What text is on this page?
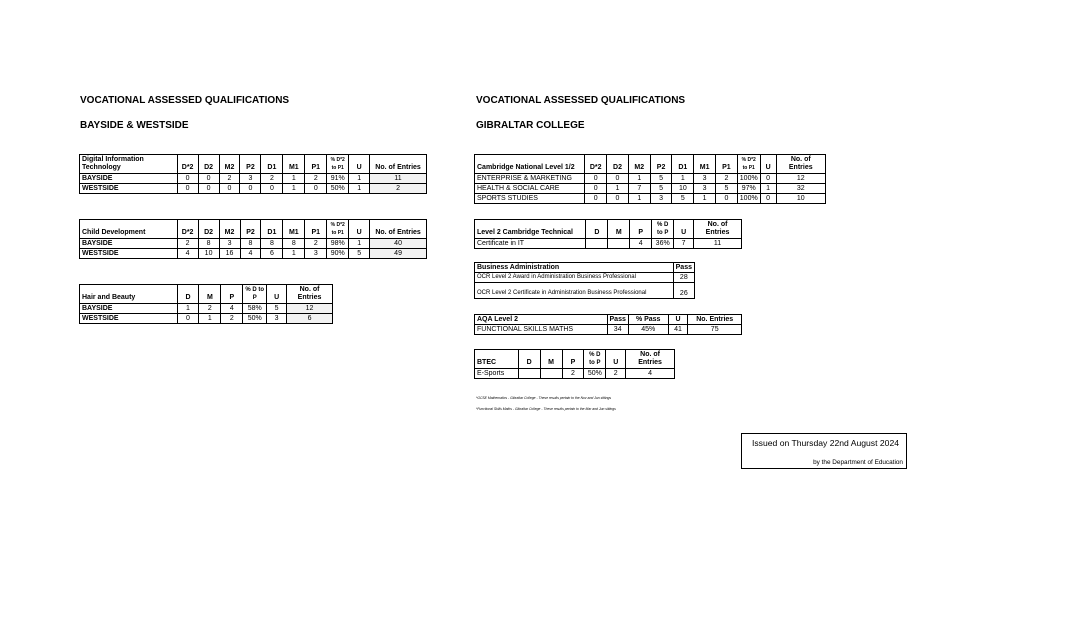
VOCATIONAL ASSESSED QUALIFICATIONS
BAYSIDE & WESTSIDE
Digital Information Technology	D*2	D2	M2	P2	D1	M1	P1	% D*2 to P1	U	No. of Entries
BAYSIDE	0	0	2	3	2	1	2	91%	1	11
WESTSIDE	0	0	0	0	0	1	0	50%	1	2
Child Development	D*2	D2	M2	P2	D1	M1	P1	% D*2 to P1	U	No. of Entries
BAYSIDE	2	8	3	8	8	8	2	98%	1	40
WESTSIDE	4	10	16	4	6	1	3	90%	5	49
Hair and Beauty	D	M	P	% D to P	U	No. of Entries
BAYSIDE	1	2	4	58%	5	12
WESTSIDE	0	1	2	50%	3	6
VOCATIONAL ASSESSED QUALIFICATIONS
GIBRALTAR COLLEGE
Cambridge National Level 1/2	D*2	D2	M2	P2	D1	M1	P1	% D*2 to P1	U	No. of Entries
ENTERPRISE & MARKETING	0	0	1	5	1	3	2	100%	0	12
HEALTH & SOCIAL CARE	0	1	7	5	10	3	5	97%	1	32
SPORTS STUDIES	0	0	1	3	5	1	0	100%	0	10
Level 2 Cambridge Technical	D	M	P	% D to P	U	No. of Entries
Certificate in IT			4	36%	7	11
Business Administration	Pass
OCR Level 2 Award in Administration Business Professional	28
OCR Level 2 Certificate in Administration Business Professional	26
AQA Level 2	Pass	% Pass	U	No. Entries
FUNCTIONAL SKILLS MATHS	34	45%	41	75
BTEC	D	M	P	% D to P	U	No. of Entries
E-Sports			2	50%	2	4
*GCSE Mathematics - Gibraltar College - These results pertain to the Nov and Jun sittings
*Functional Skills Maths - Gibraltar College - These results pertain to the Mar and Jun sittings
Issued on Thursday 22nd August 2024
by the Department of Education
